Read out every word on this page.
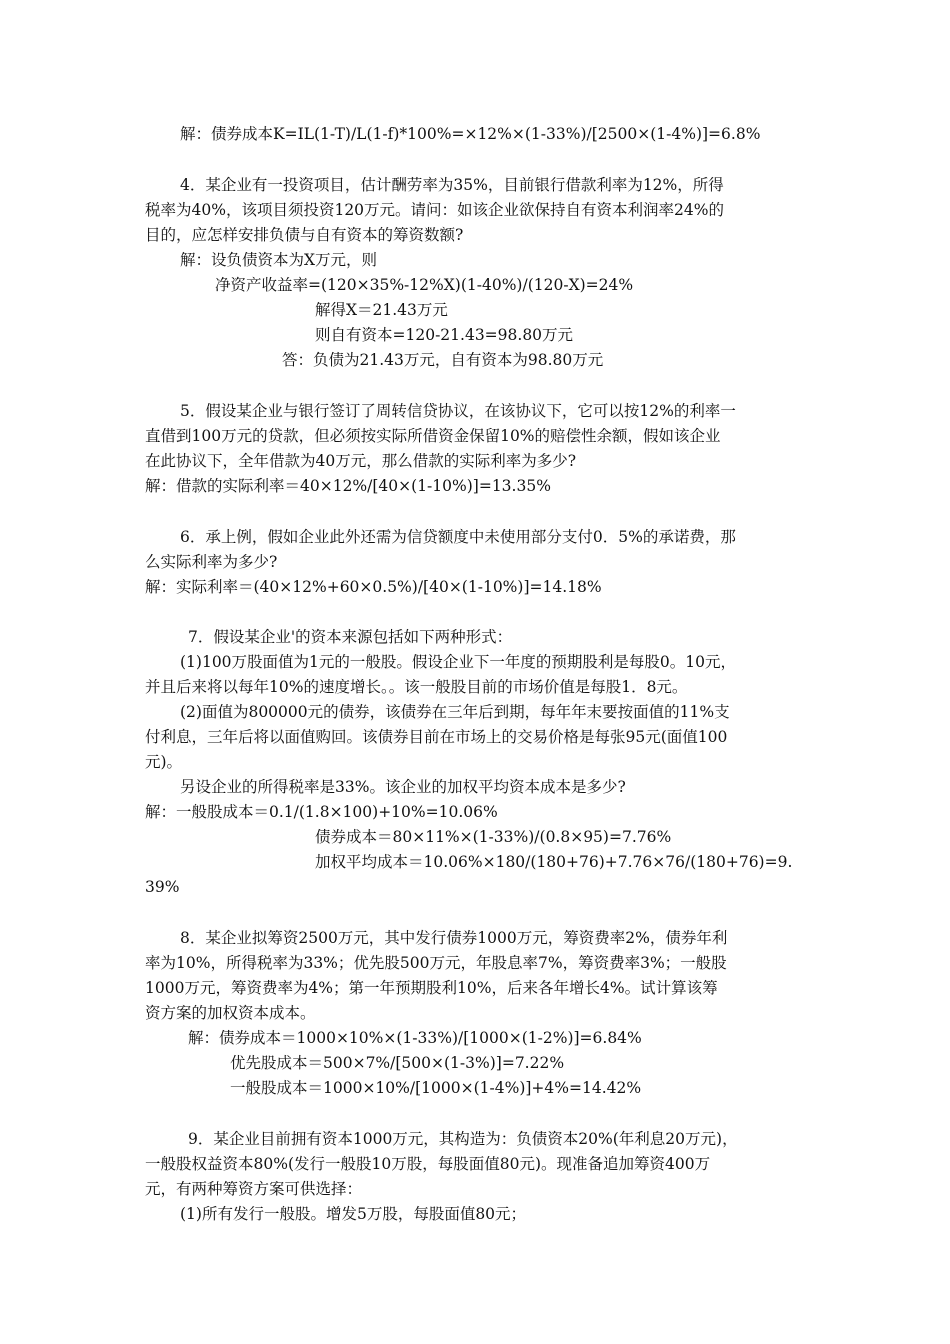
解：债券成本K=IL(1-T)/L(1-f)*100%=×12%×(1-33%)/[2500×(1-4%)]=6.8%
4．某企业有一投资项目，估计酬劳率为35%，目前银行借款利率为12%，所得
税率为40%，该项目须投资120万元。请问：如该企业欲保持自有资本利润率24%的
目的，应怎样安排负债与自有资本的筹资数额?
解：设负债资本为X万元，则
净资产收益率=(120×35%-12%X)(1-40%)/(120-X)=24%
解得X＝21.43万元
则自有资本=120-21.43=98.80万元
答：负债为21.43万元，自有资本为98.80万元
5．假设某企业与银行签订了周转信贷协议，在该协议下，它可以按12%的利率一
直借到100万元的贷款，但必须按实际所借资金保留10%的赔偿性余额，假如该企业
在此协议下，全年借款为40万元，那么借款的实际利率为多少?
解：借款的实际利率＝40×12%/[40×(1-10%)]=13.35%
6．承上例，假如企业此外还需为信贷额度中未使用部分支付0．5%的承诺费，那
么实际利率为多少?
解：实际利率＝(40×12%+60×0.5%)/[40×(1-10%)]=14.18%
7．假设某企业'的资本来源包括如下两种形式：
(1)100万股面值为1元的一般股。假设企业下一年度的预期股利是每股0。10元，
并且后来将以每年10%的速度增长。。该一般股目前的市场价值是每股1．8元。
(2)面值为800000元的债券，该债券在三年后到期，每年年末要按面值的11%支
付利息，三年后将以面值购回。该债券目前在市场上的交易价格是每张95元(面值100
元)。
另设企业的所得税率是33%。该企业的加权平均资本成本是多少?
解：一般股成本＝0.1/(1.8×100)+10%=10.06%
债券成本＝80×11%×(1-33%)/(0.8×95)=7.76%
加权平均成本＝10.06%×180/(180+76)+7.76×76/(180+76)=9.
39%
8．某企业拟筹资2500万元，其中发行债券1000万元，筹资费率2%，债券年利
率为10%，所得税率为33%；优先股500万元，年股息率7%，筹资费率3%；一般股
1000万元，筹资费率为4%；第一年预期股利10%，后来各年增长4%。试计算该筹
资方案的加权资本成本。
解：债券成本＝1000×10%×(1-33%)/[1000×(1-2%)]=6.84%
优先股成本＝500×7%/[500×(1-3%)]=7.22%
一般股成本＝1000×10%/[1000×(1-4%)]+4%=14.42%
9．某企业目前拥有资本1000万元，其构造为：负债资本20%(年利息20万元)，
一般股权益资本80%(发行一般股10万股，每股面值80元)。现准备追加筹资400万
元，有两种筹资方案可供选择：
(1)所有发行一般股。增发5万股，每股面值80元；
